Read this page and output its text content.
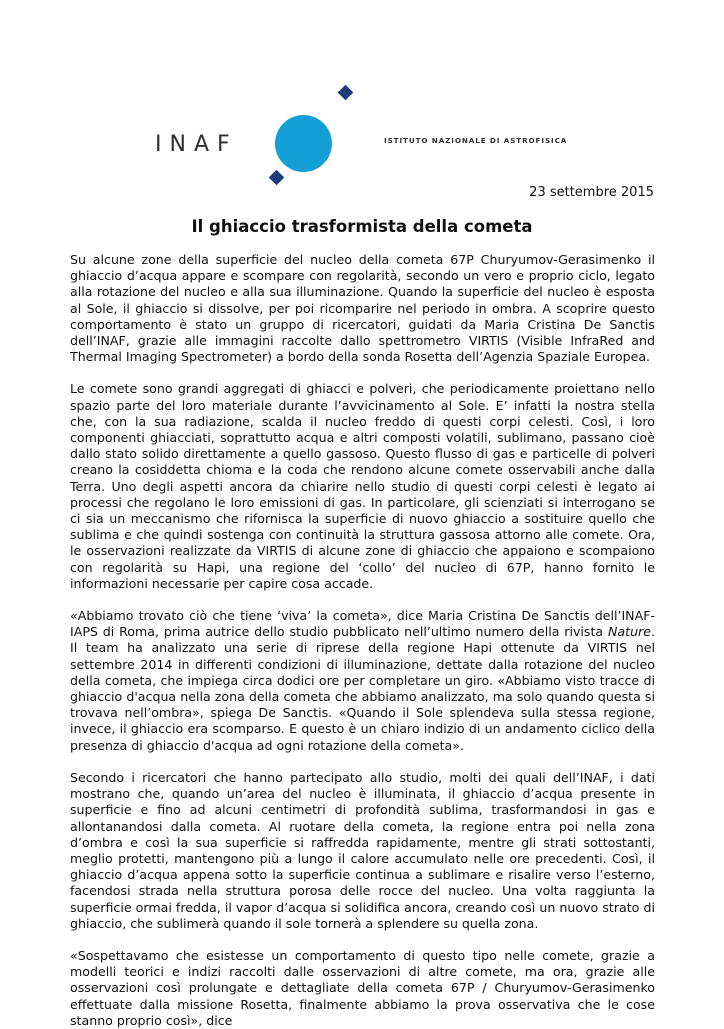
INAF	ISTITUTO NAZIONALE DI ASTROFISICA
23 settembre 2015
Il ghiaccio trasformista della cometa

Su alcune zone della superficie del nucleo della cometa 67P Churyumov-Gerasimenko il ghiaccio d’acqua appare e scompare con regolarità, secondo un vero e proprio ciclo, legato alla rotazione del nucleo e alla sua illuminazione. Quando la superficie del nucleo è esposta al Sole, il ghiaccio si dissolve, per poi ricomparire nel periodo in ombra. A scoprire questo comportamento è stato un gruppo di ricercatori, guidati da Maria Cristina De Sanctis dell’INAF, grazie alle immagini raccolte dallo spettrometro VIRTIS (Visible InfraRed and Thermal Imaging Spectrometer) a bordo della sonda Rosetta dell’Agenzia Spaziale Europea.

Le comete sono grandi aggregati di ghiacci e polveri, che periodicamente proiettano nello spazio parte del loro materiale durante l’avvicinamento al Sole. E’ infatti la nostra stella che, con la sua radiazione, scalda il nucleo freddo di questi corpi celesti. Così, i loro componenti ghiacciati, soprattutto acqua e altri composti volatili, sublimano, passano cioè dallo stato solido direttamente a quello gassoso. Questo flusso di gas e particelle di polveri creano la cosiddetta chioma e la coda che rendono alcune comete osservabili anche dalla Terra. Uno degli aspetti ancora da chiarire nello studio di questi corpi celesti è legato ai processi che regolano le loro emissioni di gas. In particolare, gli scienziati si interrogano se ci sia un meccanismo che rifornisca la superficie di nuovo ghiaccio a sostituire quello che sublima e che quindi sostenga con continuità la struttura gassosa attorno alle comete. Ora, le osservazioni realizzate da VIRTIS di alcune zone di ghiaccio che appaiono e scompaiono con regolarità su Hapi, una regione del ‘collo’ del nucleo di 67P, hanno fornito le informazioni necessarie per capire cosa accade.

«Abbiamo trovato ciò che tiene ‘viva’ la cometa», dice Maria Cristina De Sanctis dell’INAF-IAPS di Roma, prima autrice dello studio pubblicato nell’ultimo numero della rivista Nature. Il team ha analizzato una serie di riprese della regione Hapi ottenute da VIRTIS nel settembre 2014 in differenti condizioni di illuminazione, dettate dalla rotazione del nucleo della cometa, che impiega circa dodici ore per completare un giro. «Abbiamo visto tracce di ghiaccio d'acqua nella zona della cometa che abbiamo analizzato, ma solo quando questa si trovava nell’ombra», spiega De Sanctis. «Quando il Sole splendeva sulla stessa regione, invece, il ghiaccio era scomparso. E questo è un chiaro indizio di un andamento ciclico della presenza di ghiaccio d'acqua ad ogni rotazione della cometa».

Secondo i ricercatori che hanno partecipato allo studio, molti dei quali dell’INAF, i dati mostrano che, quando un’area del nucleo è illuminata, il ghiaccio d’acqua presente in superficie e fino ad alcuni centimetri di profondità sublima, trasformandosi in gas e allontanandosi dalla cometa. Al ruotare della cometa, la regione entra poi nella zona d’ombra e così la sua superficie si raffredda rapidamente, mentre gli strati sottostanti, meglio protetti, mantengono più a lungo il calore accumulato nelle ore precedenti. Così, il ghiaccio d’acqua appena sotto la superficie continua a sublimare e risalire verso l’esterno, facendosi strada nella struttura porosa delle rocce del nucleo. Una volta raggiunta la superficie ormai fredda, il vapor d’acqua si solidifica ancora, creando così un nuovo strato di ghiaccio, che sublimerà quando il sole tornerà a splendere su quella zona.

«Sospettavamo che esistesse un comportamento di questo tipo nelle comete, grazie a modelli teorici e indizi raccolti dalle osservazioni di altre comete, ma ora, grazie alle osservazioni così prolungate e dettagliate della cometa 67P / Churyumov-Gerasimenko effettuate dalla missione Rosetta, finalmente abbiamo la prova osservativa che le cose stanno proprio così», dice
